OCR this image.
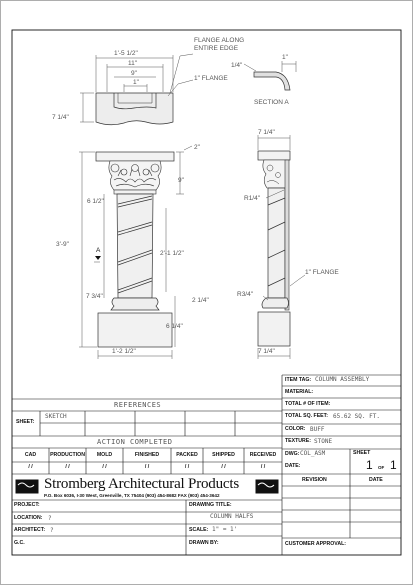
1'-5 1/2"
11"
9"
1"
FLANGE ALONG
ENTIRE EDGE
1" FLANGE
1/4"
1"
SECTION A
7 1/4"
2"
9"
6 1/2"
3'-9"
2'-1 1/2"
7 3/4"
2 1/4"
6 1/4"
1'-2 1/2"
7 1/4"
R1/4"
1" FLANGE
R3/4"
7 1/4"
A
ITEM TAG: COLUMN ASSEMBLY
MATERIAL:
TOTAL # OF ITEM:
TOTAL SQ. FEET: 65.62 SQ. FT.
COLOR: BUFF
TEXTURE: STONE
DWG: COL_ASM	SHEET
1 OF 1
DATE:
REVISION	DATE
REFERENCES
SHEET:
SKETCH
ACTION COMPLETED
CAD	PRODUCTION	MOLD	FINISHED	PACKED	SHIPPED	RECEIVED
/ /	/ /	/ /	/ /	/ /	/ /	/ /
Stromberg Architectural Products
P.O. Box 6036, I-30 West, Greenville, TX 75404 (903) 454-8682 FAX (903) 454-3642
PROJECT:
LOCATION: ?
ARCHITECT: ?
G.C.
DRAWING TITLE:
COLUMN HALFS
SCALE: 1" = 1'
DRAWN BY:	CUSTOMER APPROVAL:
